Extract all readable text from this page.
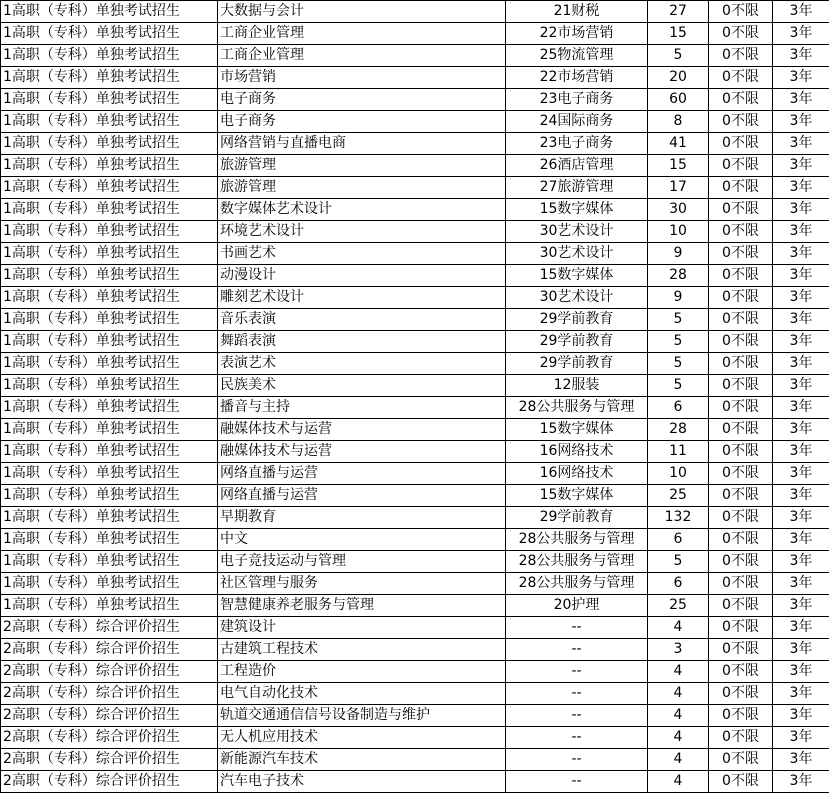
1高职（专科）单独考试招生	大数据与会计	21财税	27	0不限	3年
1高职（专科）单独考试招生	工商企业管理	22市场营销	15	0不限	3年
1高职（专科）单独考试招生	工商企业管理	25物流管理	5	0不限	3年
1高职（专科）单独考试招生	市场营销	22市场营销	20	0不限	3年
1高职（专科）单独考试招生	电子商务	23电子商务	60	0不限	3年
1高职（专科）单独考试招生	电子商务	24国际商务	8	0不限	3年
1高职（专科）单独考试招生	网络营销与直播电商	23电子商务	41	0不限	3年
1高职（专科）单独考试招生	旅游管理	26酒店管理	15	0不限	3年
1高职（专科）单独考试招生	旅游管理	27旅游管理	17	0不限	3年
1高职（专科）单独考试招生	数字媒体艺术设计	15数字媒体	30	0不限	3年
1高职（专科）单独考试招生	环境艺术设计	30艺术设计	10	0不限	3年
1高职（专科）单独考试招生	书画艺术	30艺术设计	9	0不限	3年
1高职（专科）单独考试招生	动漫设计	15数字媒体	28	0不限	3年
1高职（专科）单独考试招生	雕刻艺术设计	30艺术设计	9	0不限	3年
1高职（专科）单独考试招生	音乐表演	29学前教育	5	0不限	3年
1高职（专科）单独考试招生	舞蹈表演	29学前教育	5	0不限	3年
1高职（专科）单独考试招生	表演艺术	29学前教育	5	0不限	3年
1高职（专科）单独考试招生	民族美术	12服装	5	0不限	3年
1高职（专科）单独考试招生	播音与主持	28公共服务与管理	6	0不限	3年
1高职（专科）单独考试招生	融媒体技术与运营	15数字媒体	28	0不限	3年
1高职（专科）单独考试招生	融媒体技术与运营	16网络技术	11	0不限	3年
1高职（专科）单独考试招生	网络直播与运营	16网络技术	10	0不限	3年
1高职（专科）单独考试招生	网络直播与运营	15数字媒体	25	0不限	3年
1高职（专科）单独考试招生	早期教育	29学前教育	132	0不限	3年
1高职（专科）单独考试招生	中文	28公共服务与管理	6	0不限	3年
1高职（专科）单独考试招生	电子竞技运动与管理	28公共服务与管理	5	0不限	3年
1高职（专科）单独考试招生	社区管理与服务	28公共服务与管理	6	0不限	3年
1高职（专科）单独考试招生	智慧健康养老服务与管理	20护理	25	0不限	3年
2高职（专科）综合评价招生	建筑设计	--	4	0不限	3年
2高职（专科）综合评价招生	古建筑工程技术	--	3	0不限	3年
2高职（专科）综合评价招生	工程造价	--	4	0不限	3年
2高职（专科）综合评价招生	电气自动化技术	--	4	0不限	3年
2高职（专科）综合评价招生	轨道交通通信信号设备制造与维护	--	4	0不限	3年
2高职（专科）综合评价招生	无人机应用技术	--	4	0不限	3年
2高职（专科）综合评价招生	新能源汽车技术	--	4	0不限	3年
2高职（专科）综合评价招生	汽车电子技术	--	4	0不限	3年
